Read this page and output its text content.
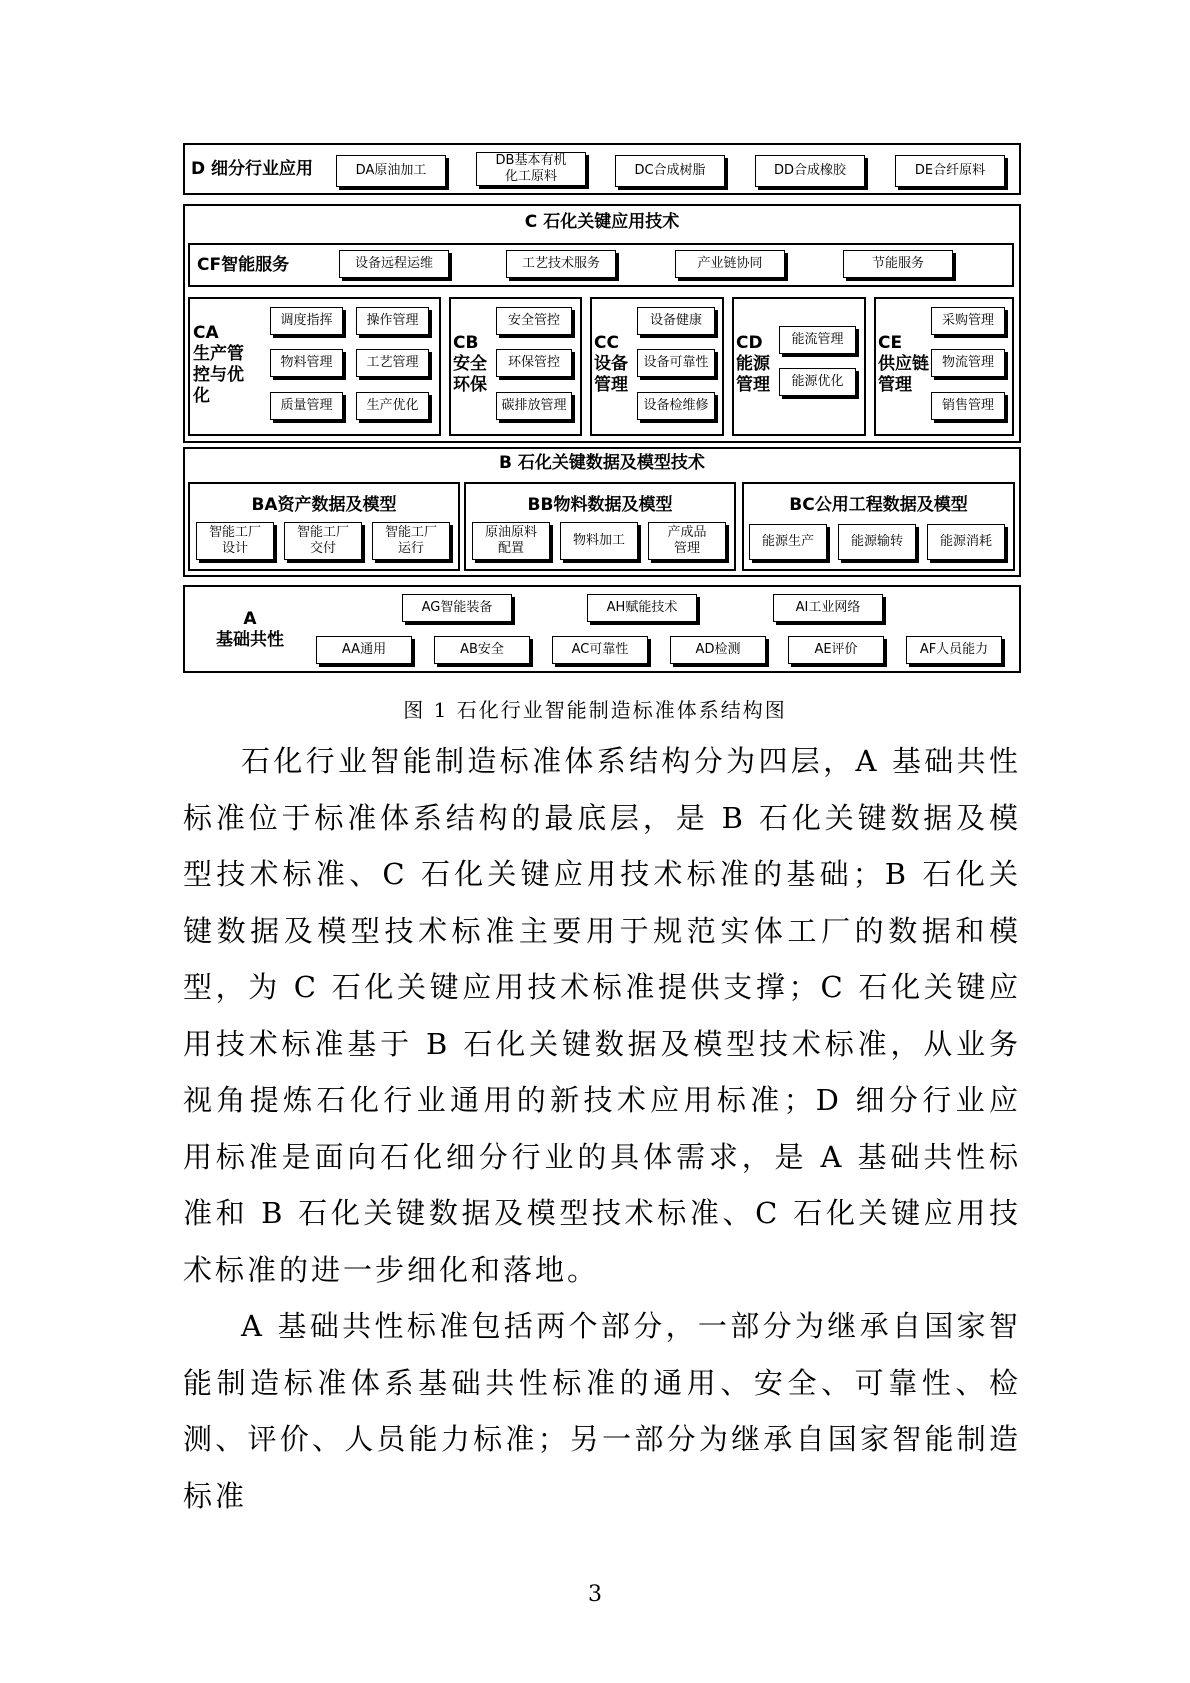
D 细分行业应用	DA原油加工
DB基本有机
化工原料	DC合成树脂	DD合成橡胶	DE合纤原料
C 石化关键应用技术
CF智能服务	设备远程运维	工艺技术服务	产业链协同	节能服务
CA
生产管
控与优
化
调度指挥	操作管理
物料管理	工艺管理
质量管理	生产优化
CB
安全
环保
安全管控
环保管控
碳排放管理
CC
设备
管理
设备健康
设备可靠性
设备检维修
CD
能源
管理
能流管理
能源优化
CE
供应链
管理
采购管理
物流管理
销售管理
B 石化关键数据及模型技术
BA资产数据及模型
智能工厂
设计
智能工厂
交付
智能工厂
运行
BB物料数据及模型
原油原料
配置
物料加工
产成品
管理
BC公用工程数据及模型
能源生产	能源输转	能源消耗
A
基础共性
AG智能装备	AH赋能技术	AI工业网络
AA通用	AB安全	AC可靠性	AD检测	AE评价	AF人员能力
图 1 石化行业智能制造标准体系结构图

石化行业智能制造标准体系结构分为四层，A 基础共性标准位于标准体系结构的最底层，是 B 石化关键数据及模型技术标准、C 石化关键应用技术标准的基础；B 石化关键数据及模型技术标准主要用于规范实体工厂的数据和模型，为 C 石化关键应用技术标准提供支撑；C 石化关键应用技术标准基于 B 石化关键数据及模型技术标准，从业务视角提炼石化行业通用的新技术应用标准；D 细分行业应用标准是面向石化细分行业的具体需求，是 A 基础共性标准和 B 石化关键数据及模型技术标准、C 石化关键应用技术标准的进一步细化和落地。

A 基础共性标准包括两个部分，一部分为继承自国家智能制造标准体系基础共性标准的通用、安全、可靠性、检测、评价、人员能力标准；另一部分为继承自国家智能制造标准

3
